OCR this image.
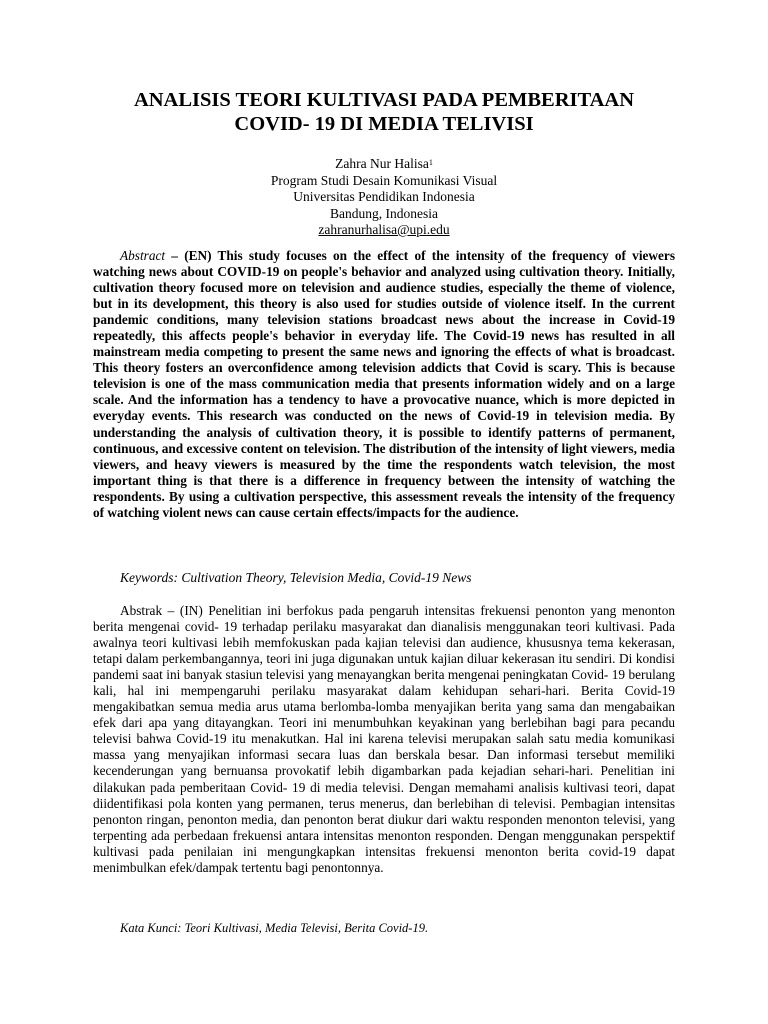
ANALISIS TEORI KULTIVASI PADA PEMBERITAAN
COVID- 19 DI MEDIA TELIVISI
Zahra Nur Halisa$^1$
Program Studi Desain Komunikasi Visual
Universitas Pendidikan Indonesia
Bandung, Indonesia
zahranurhalisa@upi.edu

Abstract – (EN) This study focuses on the effect of the intensity of the frequency of viewers watching news about COVID-19 on people's behavior and analyzed using cultivation theory. Initially, cultivation theory focused more on television and audience studies, especially the theme of violence, but in its development, this theory is also used for studies outside of violence itself. In the current pandemic conditions, many television stations broadcast news about the increase in Covid-19 repeatedly, this affects people's behavior in everyday life. The Covid-19 news has resulted in all mainstream media competing to present the same news and ignoring the effects of what is broadcast. This theory fosters an overconfidence among television addicts that Covid is scary. This is because television is one of the mass communication media that presents information widely and on a large scale. And the information has a tendency to have a provocative nuance, which is more depicted in everyday events. This research was conducted on the news of Covid-19 in television media. By understanding the analysis of cultivation theory, it is possible to identify patterns of permanent, continuous, and excessive content on television. The distribution of the intensity of light viewers, media viewers, and heavy viewers is measured by the time the respondents watch television, the most important thing is that there is a difference in frequency between the intensity of watching the respondents. By using a cultivation perspective, this assessment reveals the intensity of the frequency of watching violent news can cause certain effects/impacts for the audience.

Keywords: Cultivation Theory, Television Media, Covid-19 News

Abstrak – (IN) Penelitian ini berfokus pada pengaruh intensitas frekuensi penonton yang menonton berita mengenai covid- 19 terhadap perilaku masyarakat dan dianalisis menggunakan teori kultivasi. Pada awalnya teori kultivasi lebih memfokuskan pada kajian televisi dan audience, khususnya tema kekerasan, tetapi dalam perkembangannya, teori ini juga digunakan untuk kajian diluar kekerasan itu sendiri. Di kondisi pandemi saat ini banyak stasiun televisi yang menayangkan berita mengenai peningkatan Covid- 19 berulang kali, hal ini mempengaruhi perilaku masyarakat dalam kehidupan sehari-hari. Berita Covid-19 mengakibatkan semua media arus utama berlomba-lomba menyajikan berita yang sama dan mengabaikan efek dari apa yang ditayangkan. Teori ini menumbuhkan keyakinan yang berlebihan bagi para pecandu televisi bahwa Covid-19 itu menakutkan. Hal ini karena televisi merupakan salah satu media komunikasi massa yang menyajikan informasi secara luas dan berskala besar. Dan informasi tersebut memiliki kecenderungan yang bernuansa provokatif lebih digambarkan pada kejadian sehari-hari. Penelitian ini dilakukan pada pemberitaan Covid- 19 di media televisi. Dengan memahami analisis kultivasi teori, dapat diidentifikasi pola konten yang permanen, terus menerus, dan berlebihan di televisi. Pembagian intensitas penonton ringan, penonton media, dan penonton berat diukur dari waktu responden menonton televisi, yang terpenting ada perbedaan frekuensi antara intensitas menonton responden. Dengan menggunakan perspektif kultivasi pada penilaian ini mengungkapkan intensitas frekuensi menonton berita covid-19 dapat menimbulkan efek/dampak tertentu bagi penontonnya.

Kata Kunci: Teori Kultivasi, Media Televisi, Berita Covid-19.
